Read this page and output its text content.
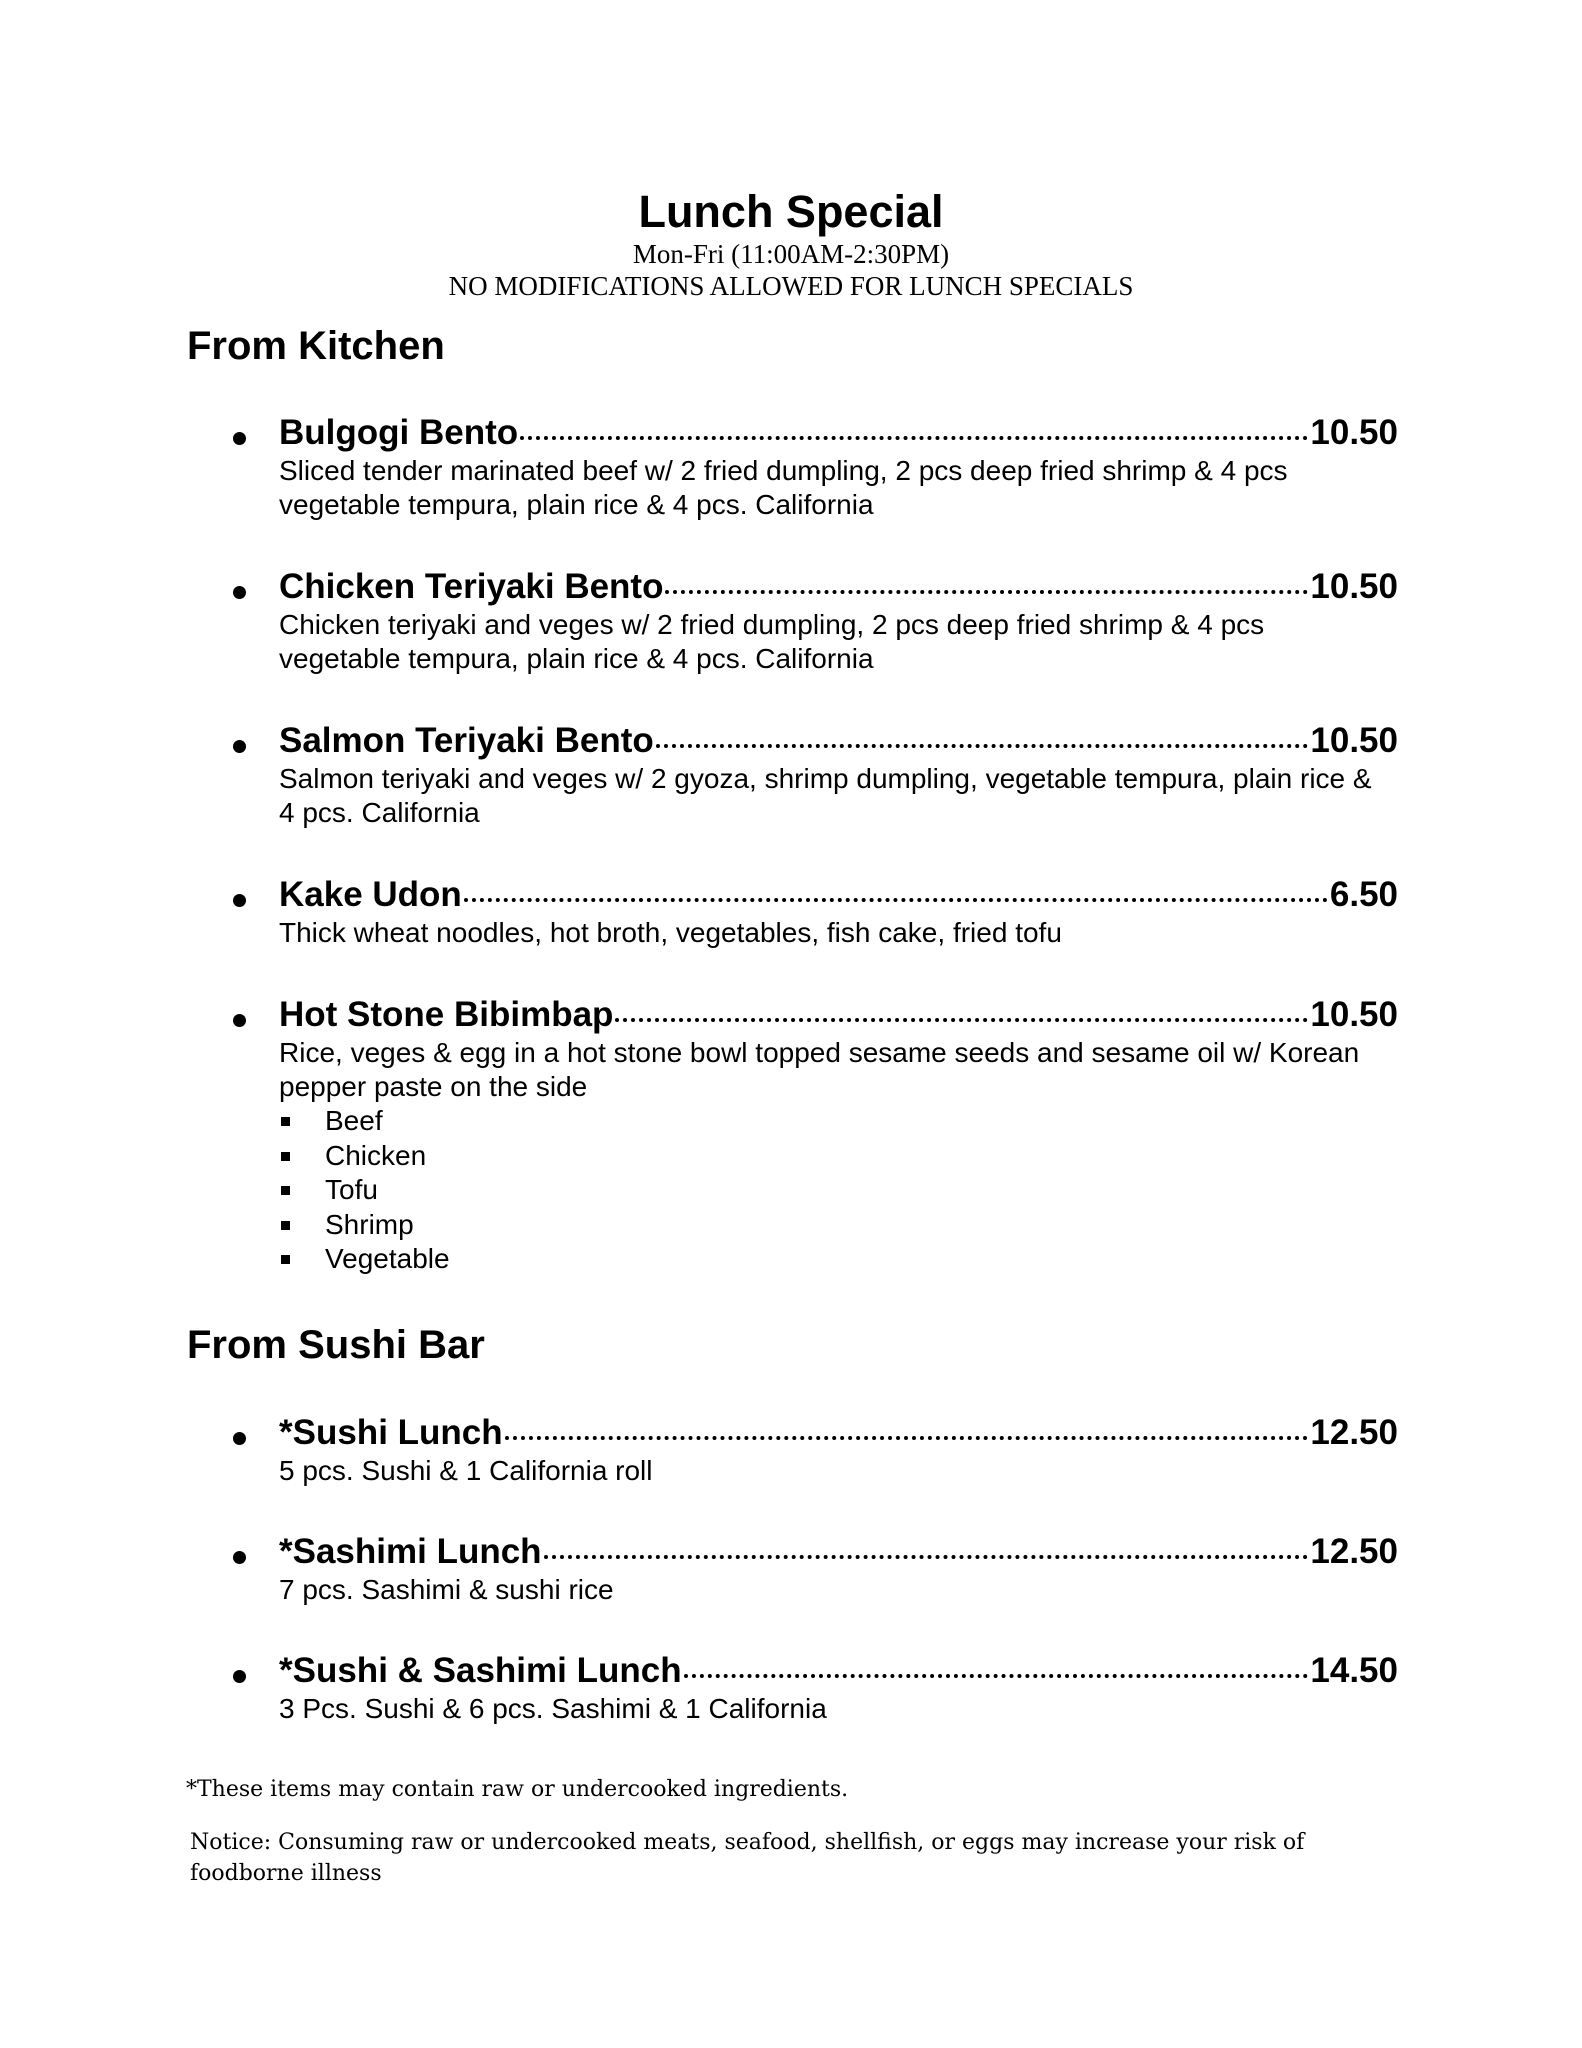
Lunch Special
Mon-Fri (11:00AM-2:30PM)
NO MODIFICATIONS ALLOWED FOR LUNCH SPECIALS
From Kitchen
Bulgogi Bento	10.50
Sliced tender marinated beef w/ 2 fried dumpling, 2 pcs deep fried shrimp & 4 pcs vegetable tempura, plain rice & 4 pcs. California
Chicken Teriyaki Bento	10.50
Chicken teriyaki and veges w/ 2 fried dumpling, 2 pcs deep fried shrimp & 4 pcs vegetable tempura, plain rice & 4 pcs. California
Salmon Teriyaki Bento	10.50
Salmon teriyaki and veges w/ 2 gyoza, shrimp dumpling, vegetable tempura, plain rice & 4 pcs. California
Kake Udon	6.50
Thick wheat noodles, hot broth, vegetables, fish cake, fried tofu
Hot Stone Bibimbap	10.50
Rice, veges & egg in a hot stone bowl topped sesame seeds and sesame oil w/ Korean pepper paste on the side
Beef
Chicken
Tofu
Shrimp
Vegetable
From Sushi Bar
*Sushi Lunch	12.50
5 pcs. Sushi & 1 California roll
*Sashimi Lunch	12.50
7 pcs. Sashimi & sushi rice
*Sushi & Sashimi Lunch	14.50
3 Pcs. Sushi & 6 pcs. Sashimi & 1 California
*These items may contain raw or undercooked ingredients.
Notice: Consuming raw or undercooked meats, seafood, shellfish, or eggs may increase your risk of foodborne illness
